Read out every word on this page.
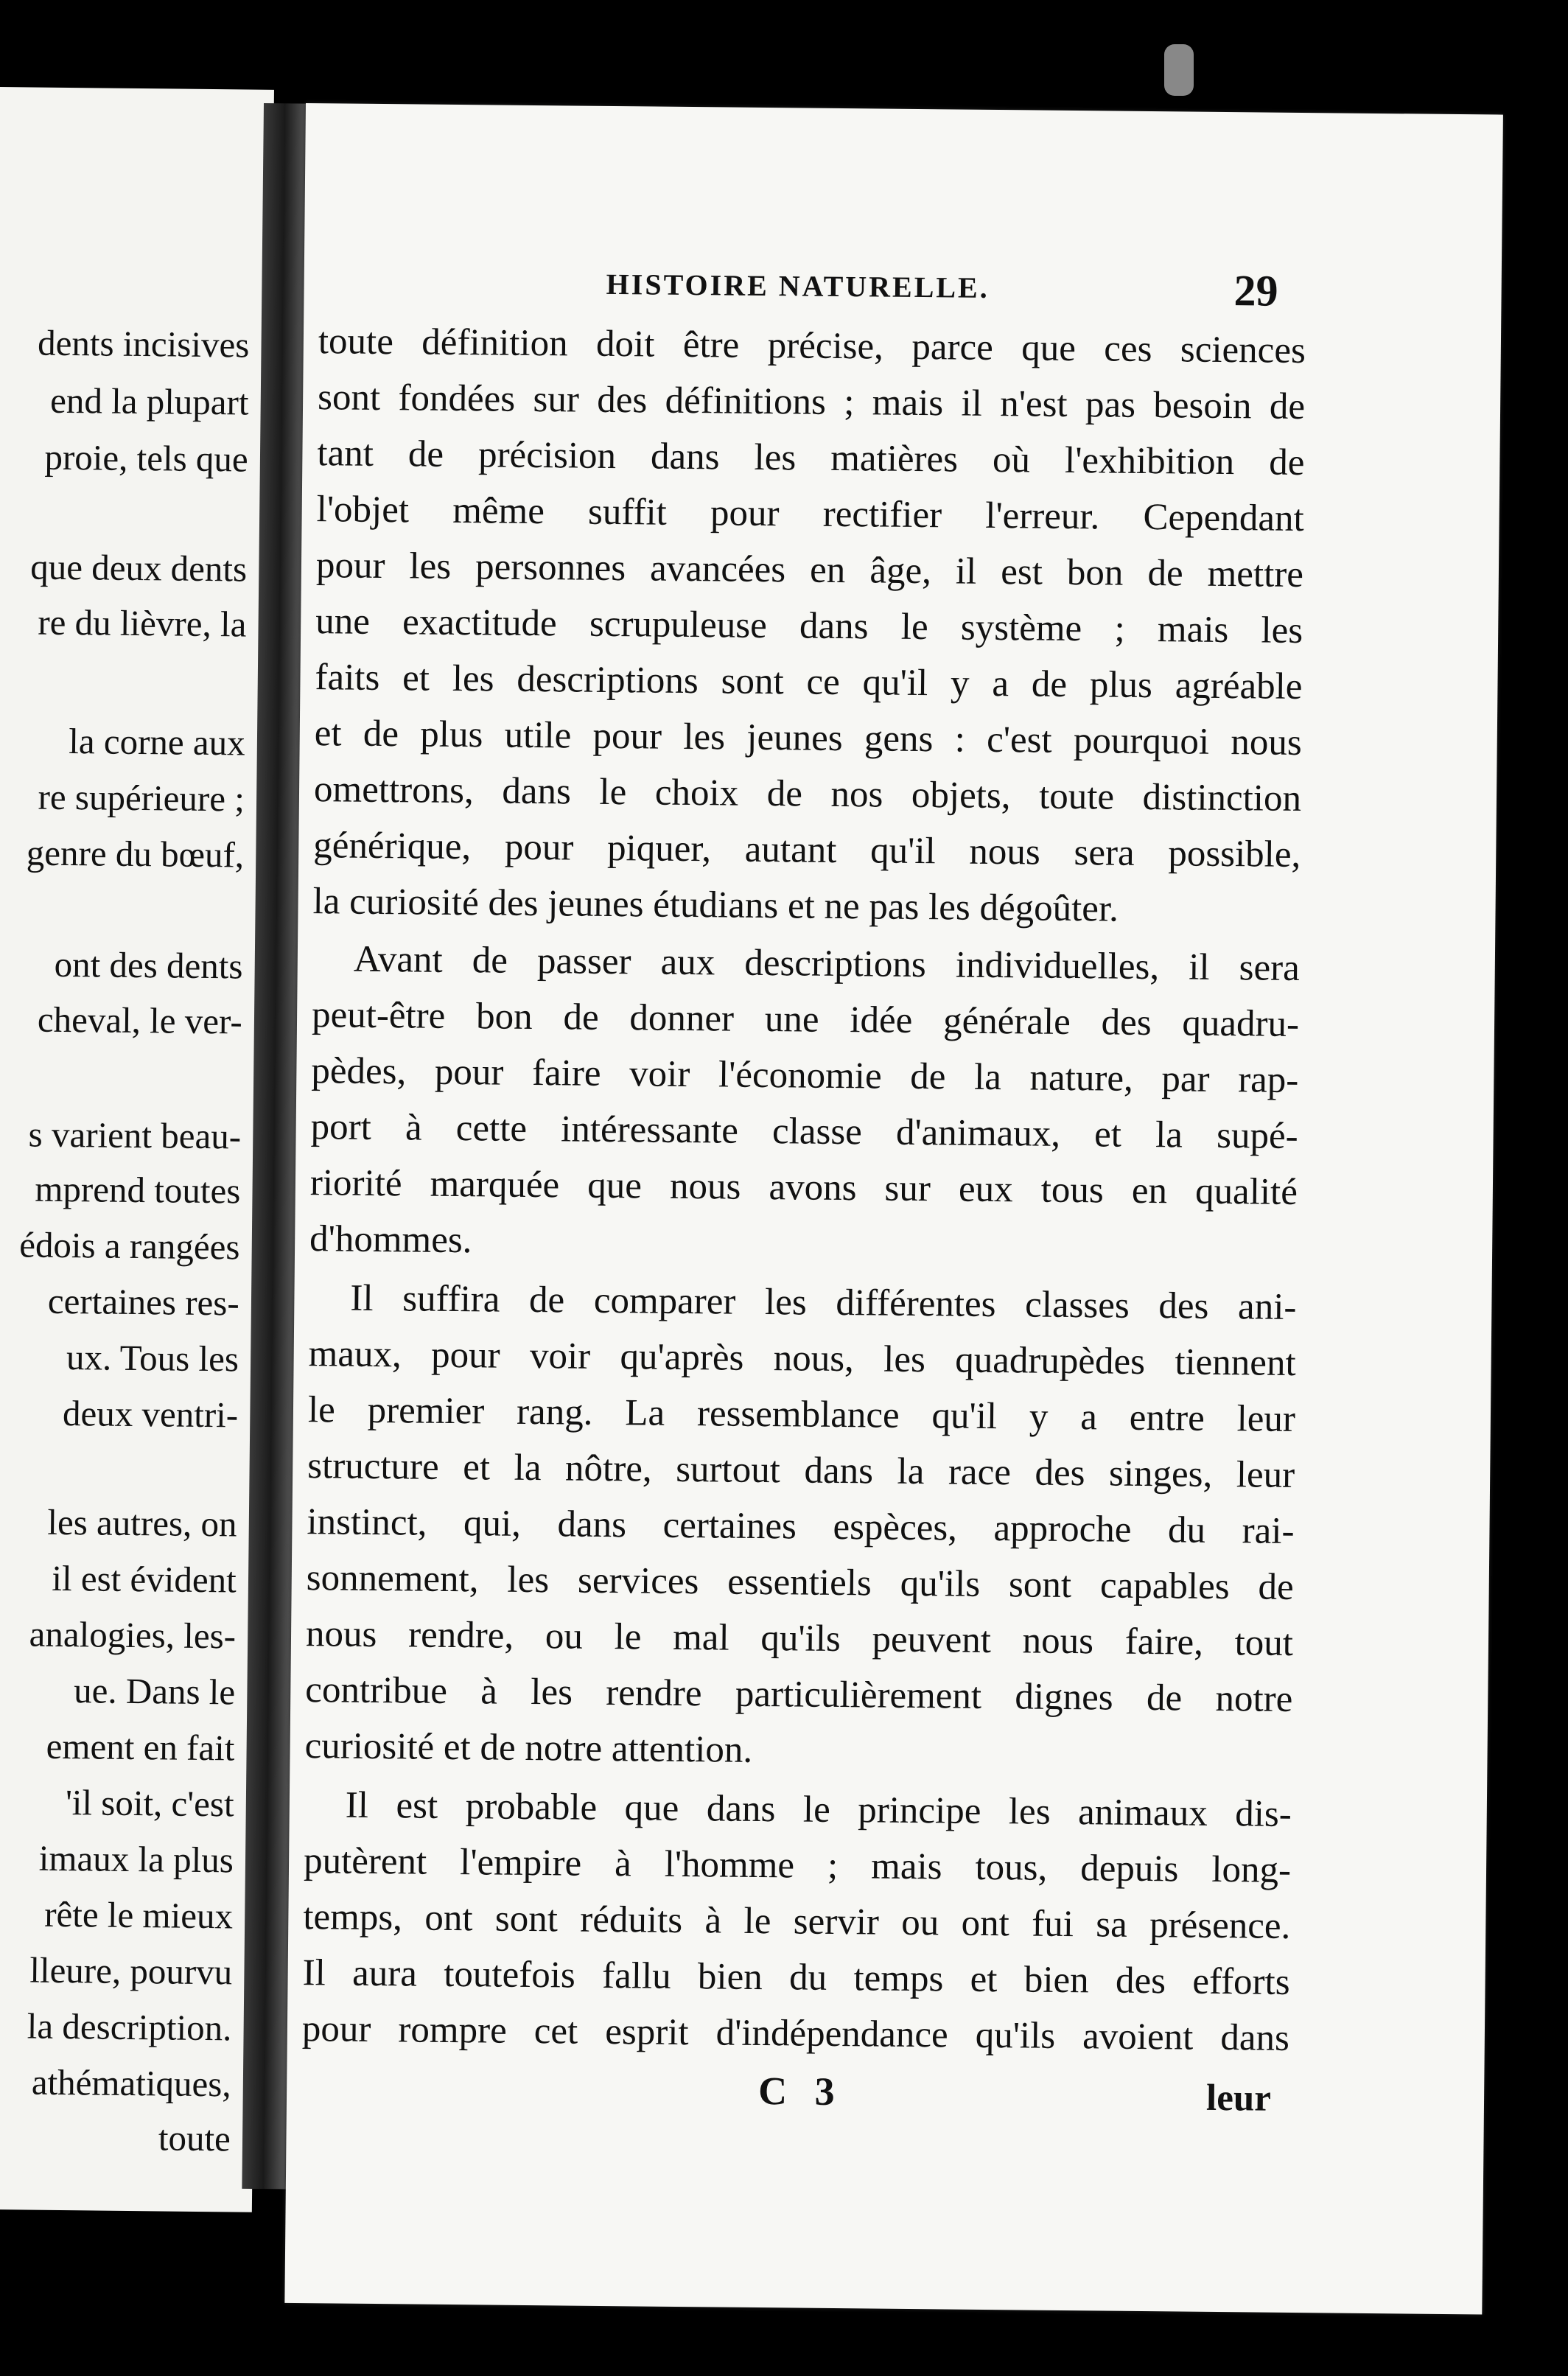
dents incisives
end la plupart
proie, tels que
que deux dents
re du lièvre, la
la corne aux
re supérieure ;
genre du bœuf,
ont des dents
cheval, le ver-
s varient beau-
mprend toutes
édois a rangées
certaines res-
ux. Tous les
deux ventri-
les autres, on
il est évident
analogies, les-
ue. Dans le
ement en fait
'il soit, c'est
imaux la plus
rête le mieux
lleure, pourvu
la description.
athématiques,
toute
HISTOIRE NATURELLE.	29
toute définition doit être précise, parce que ces sciences
sont fondées sur des définitions ; mais il n'est pas besoin de
tant de précision dans les matières où l'exhibition de
l'objet même suffit pour rectifier l'erreur. Cependant
pour les personnes avancées en âge, il est bon de mettre
une exactitude scrupuleuse dans le système ; mais les
faits et les descriptions sont ce qu'il y a de plus agréable
et de plus utile pour les jeunes gens : c'est pourquoi nous
omettrons, dans le choix de nos objets, toute distinction
générique, pour piquer, autant qu'il nous sera possible,
la curiosité des jeunes étudians et ne pas les dégoûter.
Avant de passer aux descriptions individuelles, il sera
peut-être bon de donner une idée générale des quadru-
pèdes, pour faire voir l'économie de la nature, par rap-
port à cette intéressante classe d'animaux, et la supé-
riorité marquée que nous avons sur eux tous en qualité
d'hommes.
Il suffira de comparer les différentes classes des ani-
maux, pour voir qu'après nous, les quadrupèdes tiennent
le premier rang. La ressemblance qu'il y a entre leur
structure et la nôtre, surtout dans la race des singes, leur
instinct, qui, dans certaines espèces, approche du rai-
sonnement, les services essentiels qu'ils sont capables de
nous rendre, ou le mal qu'ils peuvent nous faire, tout
contribue à les rendre particulièrement dignes de notre
curiosité et de notre attention.
Il est probable que dans le principe les animaux dis-
putèrent l'empire à l'homme ; mais tous, depuis long-
temps, ont sont réduits à le servir ou ont fui sa présence.
Il aura toutefois fallu bien du temps et bien des efforts
pour rompre cet esprit d'indépendance qu'ils avoient dans
C 3	leur
